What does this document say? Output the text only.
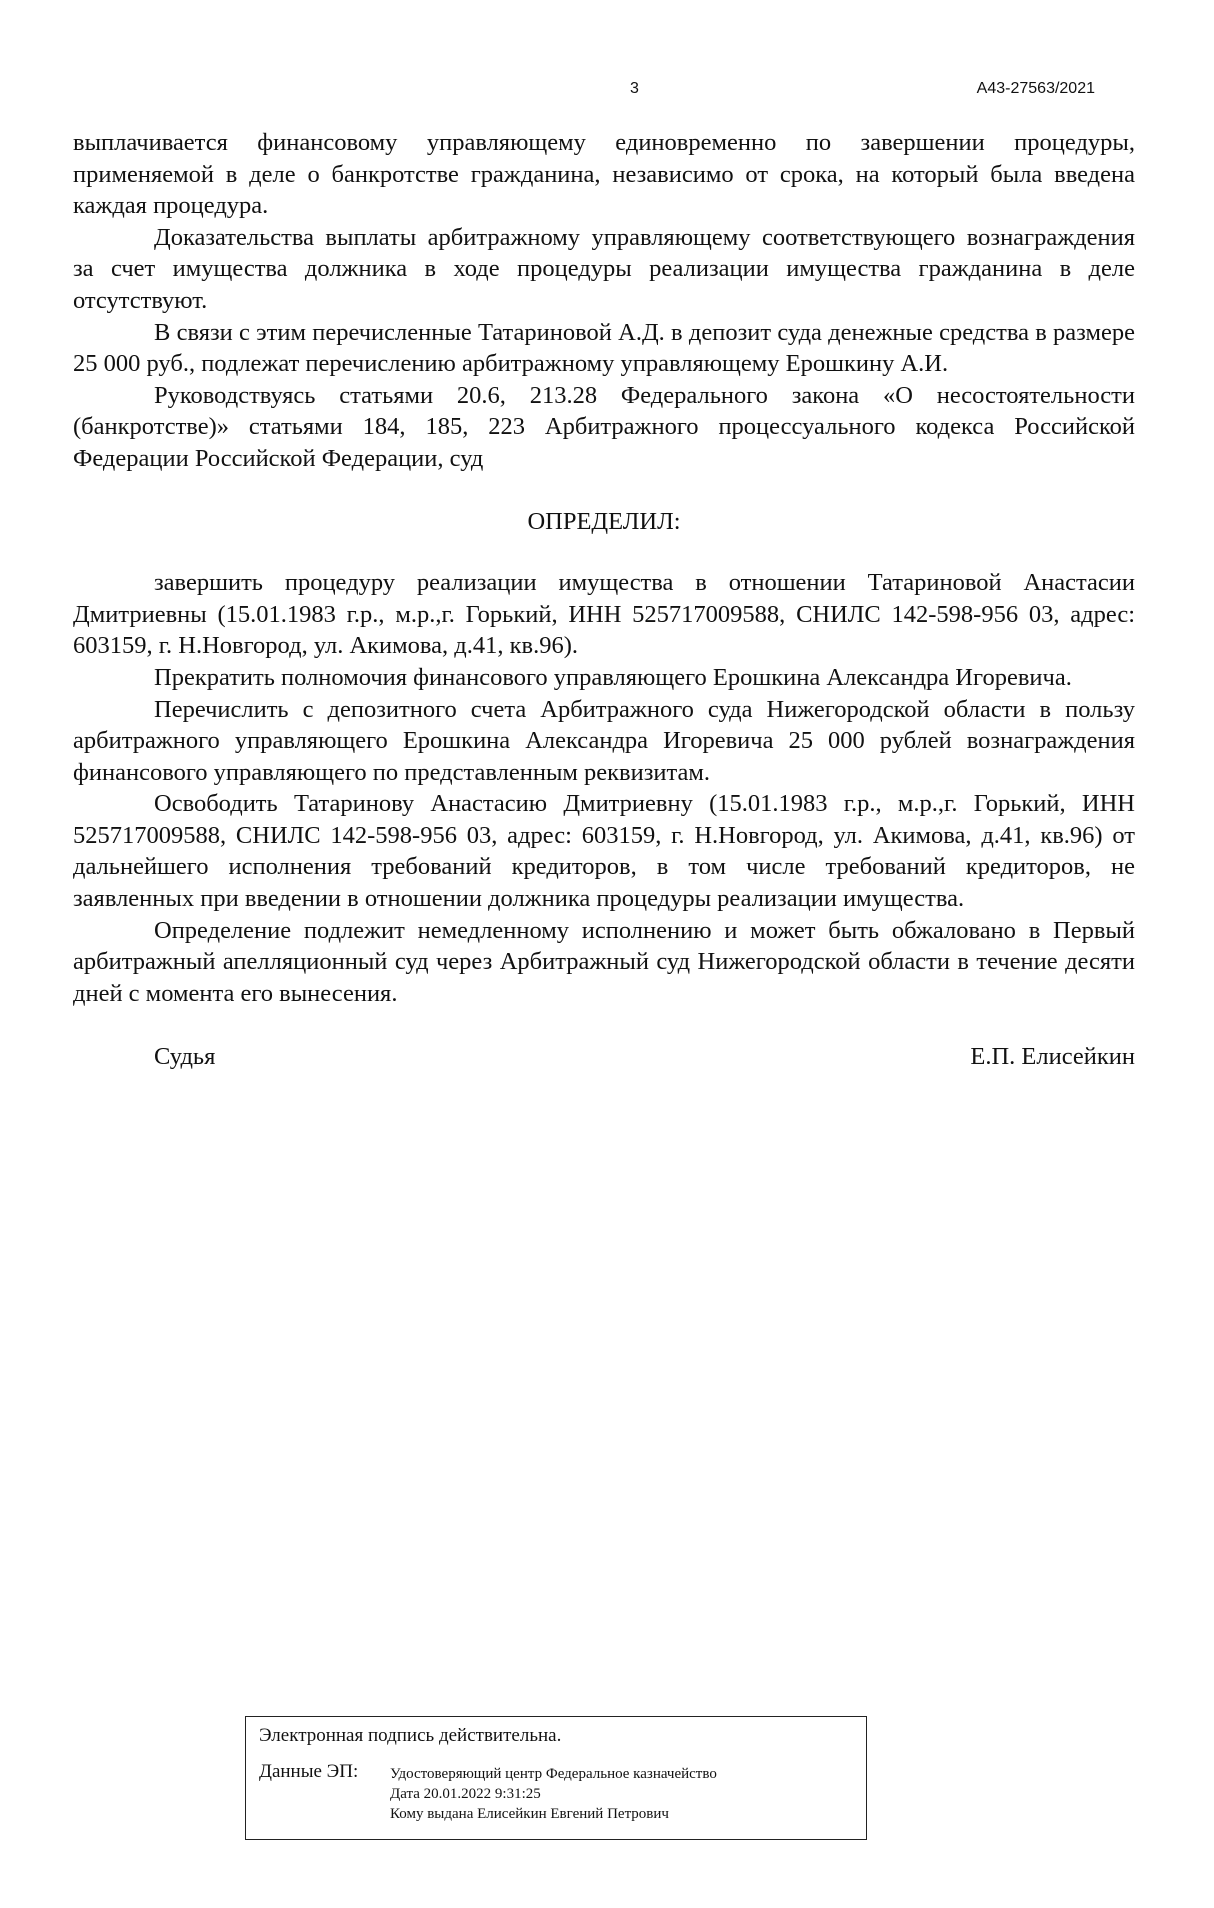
3	А43-27563/2021

выплачивается финансовому управляющему единовременно по завершении процедуры, применяемой в деле о банкротстве гражданина, независимо от срока, на который была введена каждая процедура.

Доказательства выплаты арбитражному управляющему соответствующего вознаграждения за счет имущества должника в ходе процедуры реализации имущества гражданина в деле отсутствуют.

В связи с этим перечисленные Татариновой А.Д. в депозит суда денежные средства в размере 25 000 руб., подлежат перечислению арбитражному управляющему Ерошкину А.И.

Руководствуясь статьями 20.6, 213.28 Федерального закона «О несостоятельности (банкротстве)» статьями 184, 185, 223 Арбитражного процессуального кодекса Российской Федерации Российской Федерации, суд

ОПРЕДЕЛИЛ:

завершить процедуру реализации имущества в отношении Татариновой Анастасии Дмитриевны (15.01.1983 г.р., м.р.,г. Горький, ИНН 525717009588, СНИЛС 142-598-956 03, адрес: 603159, г. Н.Новгород, ул. Акимова, д.41, кв.96).

Прекратить полномочия финансового управляющего Ерошкина Александра Игоревича.

Перечислить с депозитного счета Арбитражного суда Нижегородской области в пользу арбитражного управляющего Ерошкина Александра Игоревича 25 000 рублей вознаграждения финансового управляющего по представленным реквизитам.

Освободить Татаринову Анастасию Дмитриевну (15.01.1983 г.р., м.р.,г. Горький, ИНН 525717009588, СНИЛС 142-598-956 03, адрес: 603159, г. Н.Новгород, ул. Акимова, д.41, кв.96) от дальнейшего исполнения требований кредиторов, в том числе требований кредиторов, не заявленных при введении в отношении должника процедуры реализации имущества.

Определение подлежит немедленному исполнению и может быть обжаловано в Первый арбитражный апелляционный суд через Арбитражный суд Нижегородской области в течение десяти дней с момента его вынесения.

Судья	Е.П. Елисейкин
Электронная подпись действительна.
Данные ЭП: Удостоверяющий центр Федеральное казначейство
Дата 20.01.2022 9:31:25
Кому выдана Елисейкин Евгений Петрович
